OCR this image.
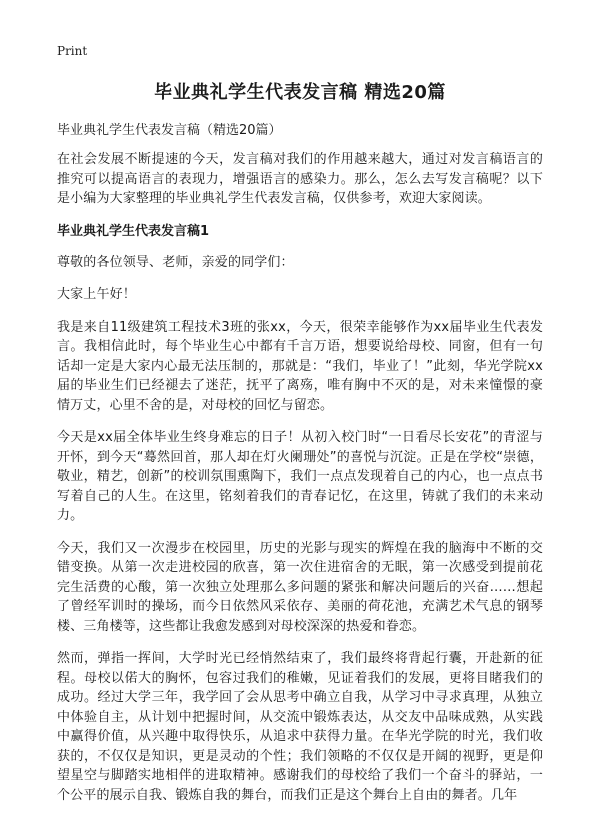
Print
毕业典礼学生代表发言稿 精选20篇
毕业典礼学生代表发言稿（精选20篇）

在社会发展不断提速的今天，发言稿对我们的作用越来越大，通过对发言稿语言的推究可以提高语言的表现力，增强语言的感染力。那么，怎么去写发言稿呢？以下是小编为大家整理的毕业典礼学生代表发言稿，仅供参考，欢迎大家阅读。

毕业典礼学生代表发言稿1

尊敬的各位领导、老师，亲爱的同学们：

大家上午好！

我是来自11级建筑工程技术3班的张xx，今天，很荣幸能够作为xx届毕业生代表发言。我相信此时，每个毕业生心中都有千言万语，想要说给母校、同窗，但有一句话却一定是大家内心最无法压制的，那就是：“我们，毕业了！”此刻，华光学院xx届的毕业生们已经褪去了迷茫，抚平了离殇，唯有胸中不灭的是，对未来憧憬的豪情万丈，心里不舍的是，对母校的回忆与留恋。

今天是xx届全体毕业生终身难忘的日子！从初入校门时“一日看尽长安花”的青涩与开怀，到今天“蓦然回首，那人却在灯火阑珊处”的喜悦与沉淀。正是在学校“崇德，敬业，精艺，创新”的校训氛围熏陶下，我们一点点发现着自己的内心，也一点点书写着自己的人生。在这里，铭刻着我们的青春记忆，在这里，铸就了我们的未来动力。

今天，我们又一次漫步在校园里，历史的光影与现实的辉煌在我的脑海中不断的交错变换。从第一次走进校园的欣喜，第一次住进宿舍的无眠，第一次感受到提前花完生活费的心酸，第一次独立处理那么多问题的紧张和解决问题后的兴奋……想起了曾经军训时的操场，而今日依然风采依存、美丽的荷花池，充满艺术气息的钢琴楼、三角楼等，这些都让我愈发感到对母校深深的热爱和眷恋。

然而，弹指一挥间，大学时光已经悄然结束了，我们最终将背起行囊，开赴新的征程。母校以偌大的胸怀，包容过我们的稚嫩，见证着我们的发展，更将目睹我们的成功。经过大学三年，我学回了会从思考中确立自我，从学习中寻求真理，从独立中体验自主，从计划中把握时间，从交流中锻炼表达，从交友中品味成熟，从实践中赢得价值，从兴趣中取得快乐，从追求中获得力量。在华光学院的时光，我们收获的，不仅仅是知识，更是灵动的个性；我们领略的不仅仅是开阔的视野，更是仰望星空与脚踏实地相伴的进取精神。感谢我们的母校给了我们一个奋斗的驿站，一个公平的展示自我、锻炼自我的舞台，而我们正是这个舞台上自由的舞者。几年
